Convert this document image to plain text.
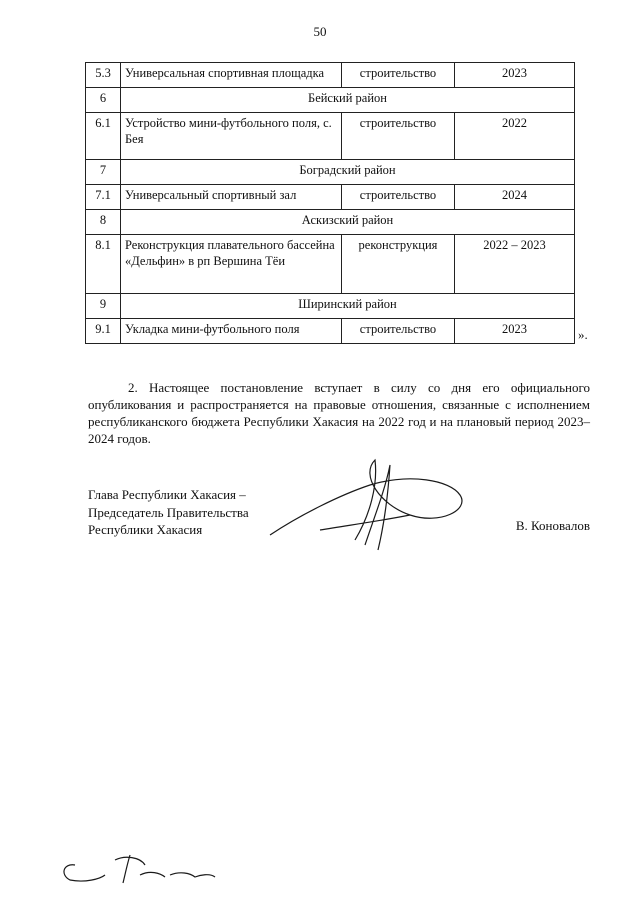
50
5.3	Универсальная спортивная площадка	строительство	2023
6	Бейский район		
6.1	Устройство мини-футбольного поля, с. Бея	строительство	2022
7	Боградский район		
7.1	Универсальный спортивный зал	строительство	2024
8	Аскизский район		
8.1	Реконструкция плавательного бассейна «Дельфин» в рп Вершина Тёи	реконструкция	2022 – 2023
9	Ширинский район		
9.1	Укладка мини-футбольного поля	строительство	2023	».
2. Настоящее постановление вступает в силу со дня его официального опубликования и распространяется на правовые отношения, связанные с исполнением республиканского бюджета Республики Хакасия на 2022 год и на плановый период 2023–2024 годов.
Глава Республики Хакасия –
Председатель Правительства
Республики Хакасия	В. Коновалов
